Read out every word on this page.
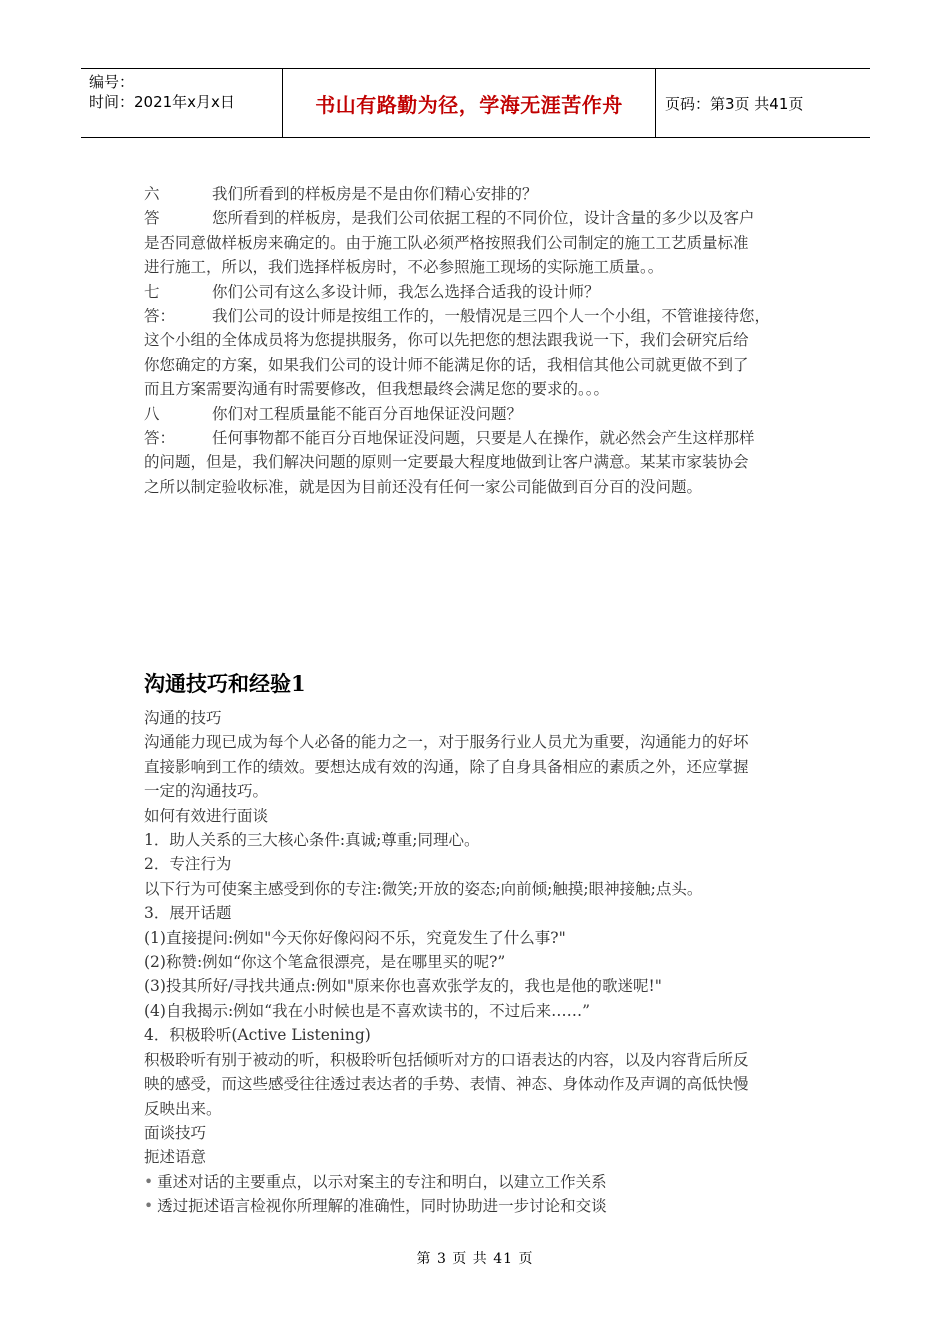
编号：
时间：2021年x月x日	书山有路勤为径，学海无涯苦作舟	页码：第3页 共41页
六	我们所看到的样板房是不是由你们精心安排的？
答	您所看到的样板房，是我们公司依据工程的不同价位，设计含量的多少以及客户

是否同意做样板房来确定的。由于施工队必须严格按照我们公司制定的施工工艺质量标准

进行施工，所以，我们选择样板房时，不必参照施工现场的实际施工质量。。

七	你们公司有这么多设计师，我怎么选择合适我的设计师？
答：	我们公司的设计师是按组工作的，一般情况是三四个人一个小组，不管谁接待您，

这个小组的全体成员将为您提拱服务，你可以先把您的想法跟我说一下，我们会研究后给

你您确定的方案，如果我们公司的设计师不能满足你的话，我相信其他公司就更做不到了

而且方案需要沟通有时需要修改，但我想最终会满足您的要求的。。。

八	你们对工程质量能不能百分百地保证没问题？
答：	任何事物都不能百分百地保证没问题，只要是人在操作，就必然会产生这样那样

的问题，但是，我们解决问题的原则一定要最大程度地做到让客户满意。某某市家装协会

之所以制定验收标准，就是因为目前还没有任何一家公司能做到百分百的没问题。

沟通技巧和经验1

沟通的技巧

沟通能力现已成为每个人必备的能力之一，对于服务行业人员尤为重要，沟通能力的好坏

直接影响到工作的绩效。要想达成有效的沟通，除了自身具备相应的素质之外，还应掌握

一定的沟通技巧。

如何有效进行面谈

1．助人关系的三大核心条件:真诚;尊重;同理心。

2．专注行为

以下行为可使案主感受到你的专注:微笑;开放的姿态;向前倾;触摸;眼神接触;点头。

3．展开话题

(1)直接提问:例如"今天你好像闷闷不乐，究竟发生了什么事?"

(2)称赞:例如“你这个笔盒很漂亮，是在哪里买的呢?”

(3)投其所好/寻找共通点:例如"原来你也喜欢张学友的，我也是他的歌迷呢!"

(4)自我揭示:例如“我在小时候也是不喜欢读书的，不过后来……”

4．积极聆听(Active Listening)

积极聆听有别于被动的听，积极聆听包括倾听对方的口语表达的内容，以及内容背后所反

映的感受，而这些感受往往透过表达者的手势、表情、神态、身体动作及声调的高低快慢

反映出来。

面谈技巧

扼述语意

• 重述对话的主要重点，以示对案主的专注和明白，以建立工作关系

• 透过扼述语言检视你所理解的准确性，同时协助进一步讨论和交谈

第 3 页 共 41 页
